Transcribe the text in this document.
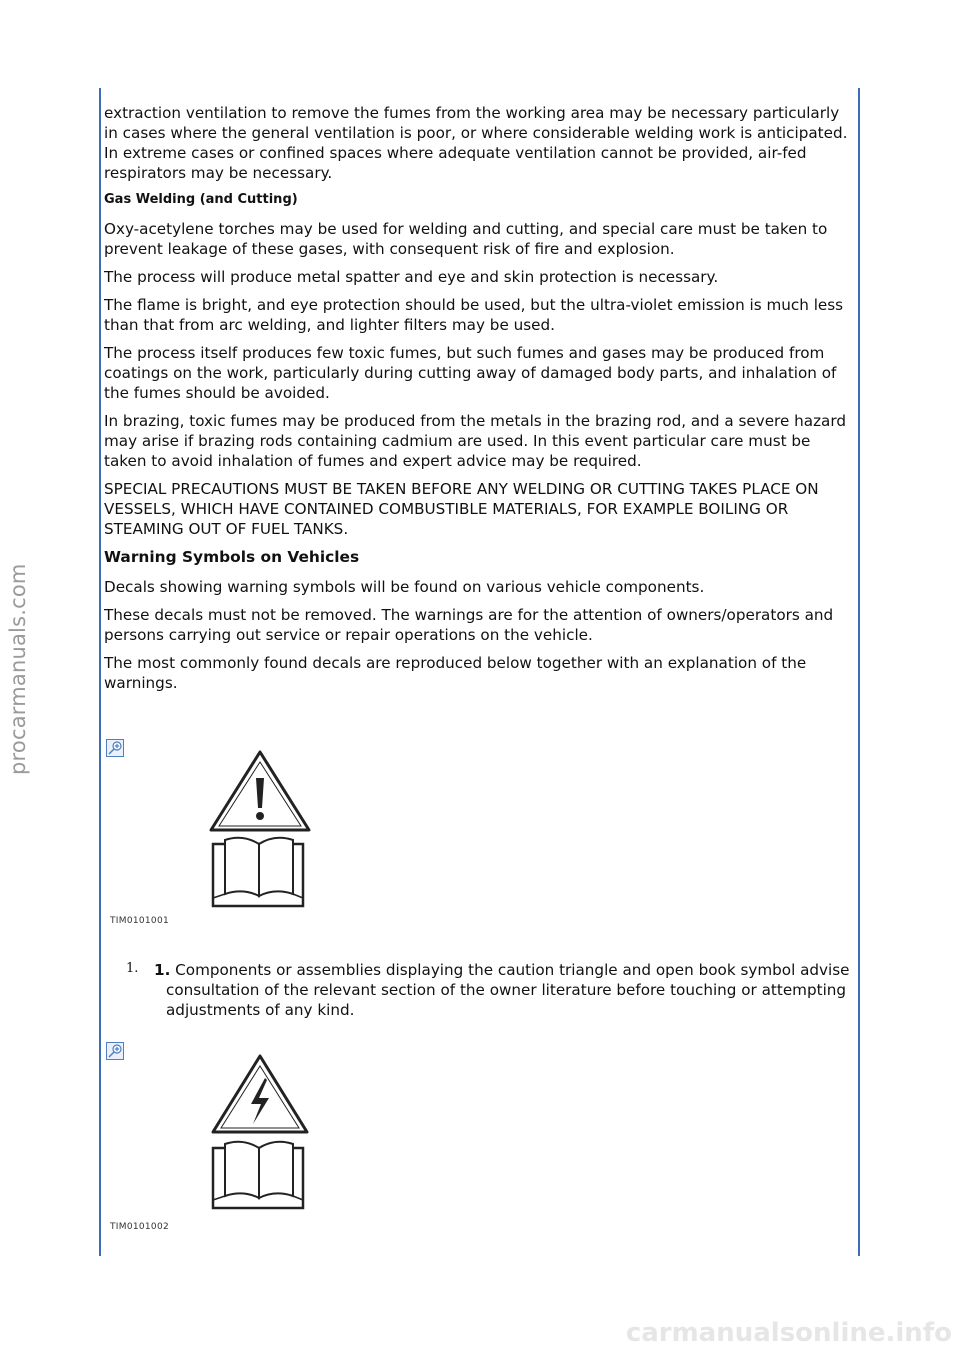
procarmanuals.com
carmanualsonline.info

extraction ventilation to remove the fumes from the working area may be necessary particularly in cases where the general ventilation is poor, or where considerable welding work is anticipated. In extreme cases or confined spaces where adequate ventilation cannot be provided, air-fed respirators may be necessary.

Gas Welding (and Cutting)

Oxy-acetylene torches may be used for welding and cutting, and special care must be taken to prevent leakage of these gases, with consequent risk of fire and explosion.

The process will produce metal spatter and eye and skin protection is necessary.

The flame is bright, and eye protection should be used, but the ultra-violet emission is much less than that from arc welding, and lighter filters may be used.

The process itself produces few toxic fumes, but such fumes and gases may be produced from coatings on the work, particularly during cutting away of damaged body parts, and inhalation of the fumes should be avoided.

In brazing, toxic fumes may be produced from the metals in the brazing rod, and a severe hazard may arise if brazing rods containing cadmium are used. In this event particular care must be taken to avoid inhalation of fumes and expert advice may be required.

SPECIAL PRECAUTIONS MUST BE TAKEN BEFORE ANY WELDING OR CUTTING TAKES PLACE ON VESSELS, WHICH HAVE CONTAINED COMBUSTIBLE MATERIALS, FOR EXAMPLE BOILING OR STEAMING OUT OF FUEL TANKS.

Warning Symbols on Vehicles

Decals showing warning symbols will be found on various vehicle components.

These decals must not be removed. The warnings are for the attention of owners/operators and persons carrying out service or repair operations on the vehicle.

The most commonly found decals are reproduced below together with an explanation of the warnings.

TIM0101001
1. 1. Components or assemblies displaying the caution triangle and open book symbol advise consultation of the relevant section of the owner literature before touching or attempting adjustments of any kind.
TIM0101002
